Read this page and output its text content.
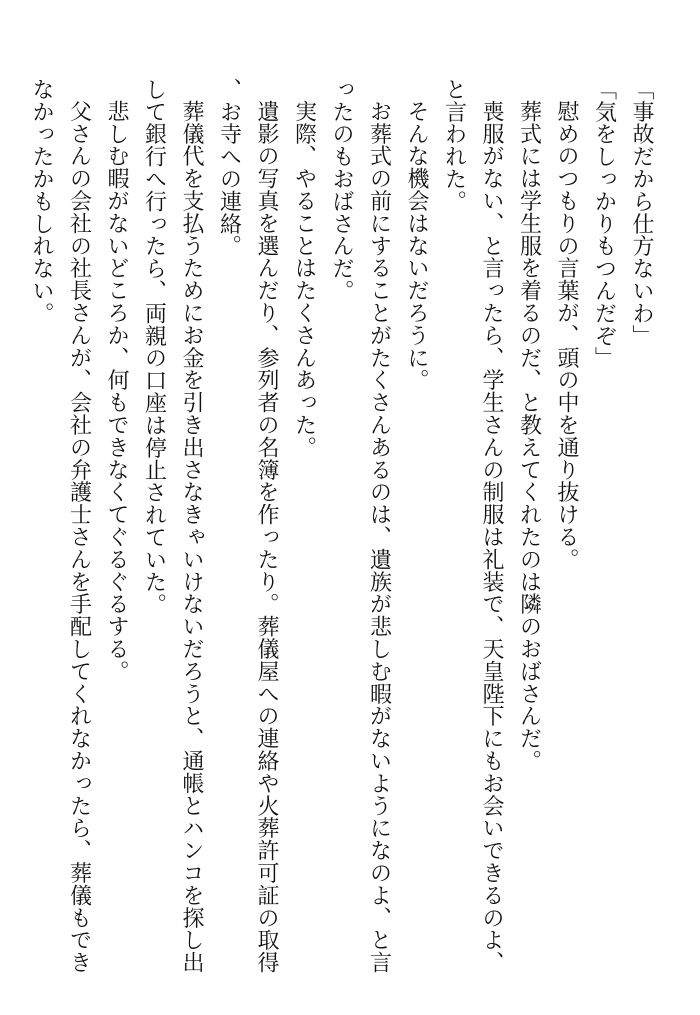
「事故だから仕方ないわ」

「気をしっかりもつんだぞ」

慰めのつもりの言葉が、頭の中を通り抜ける。

葬式には学生服を着るのだ、と教えてくれたのは隣のおばさんだ。

喪服がない、と言ったら、学生さんの制服は礼装で、天皇陛下にもお会いできるのよ、と言われた。

そんな機会はないだろうに。

お葬式の前にすることがたくさんあるのは、遺族が悲しむ暇がないようになのよ、と言ったのもおばさんだ。

実際、やることはたくさんあった。

遺影の写真を選んだり、参列者の名簿を作ったり。葬儀屋への連絡や火葬許可証の取得、お寺への連絡。

葬儀代を支払うためにお金を引き出さなきゃいけないだろうと、通帳とハンコを探し出して銀行へ行ったら、両親の口座は停止されていた。

悲しむ暇がないどころか、何もできなくてぐるぐるする。

父さんの会社の社長さんが、会社の弁護士さんを手配してくれなかったら、葬儀もできなかったかもしれない。
